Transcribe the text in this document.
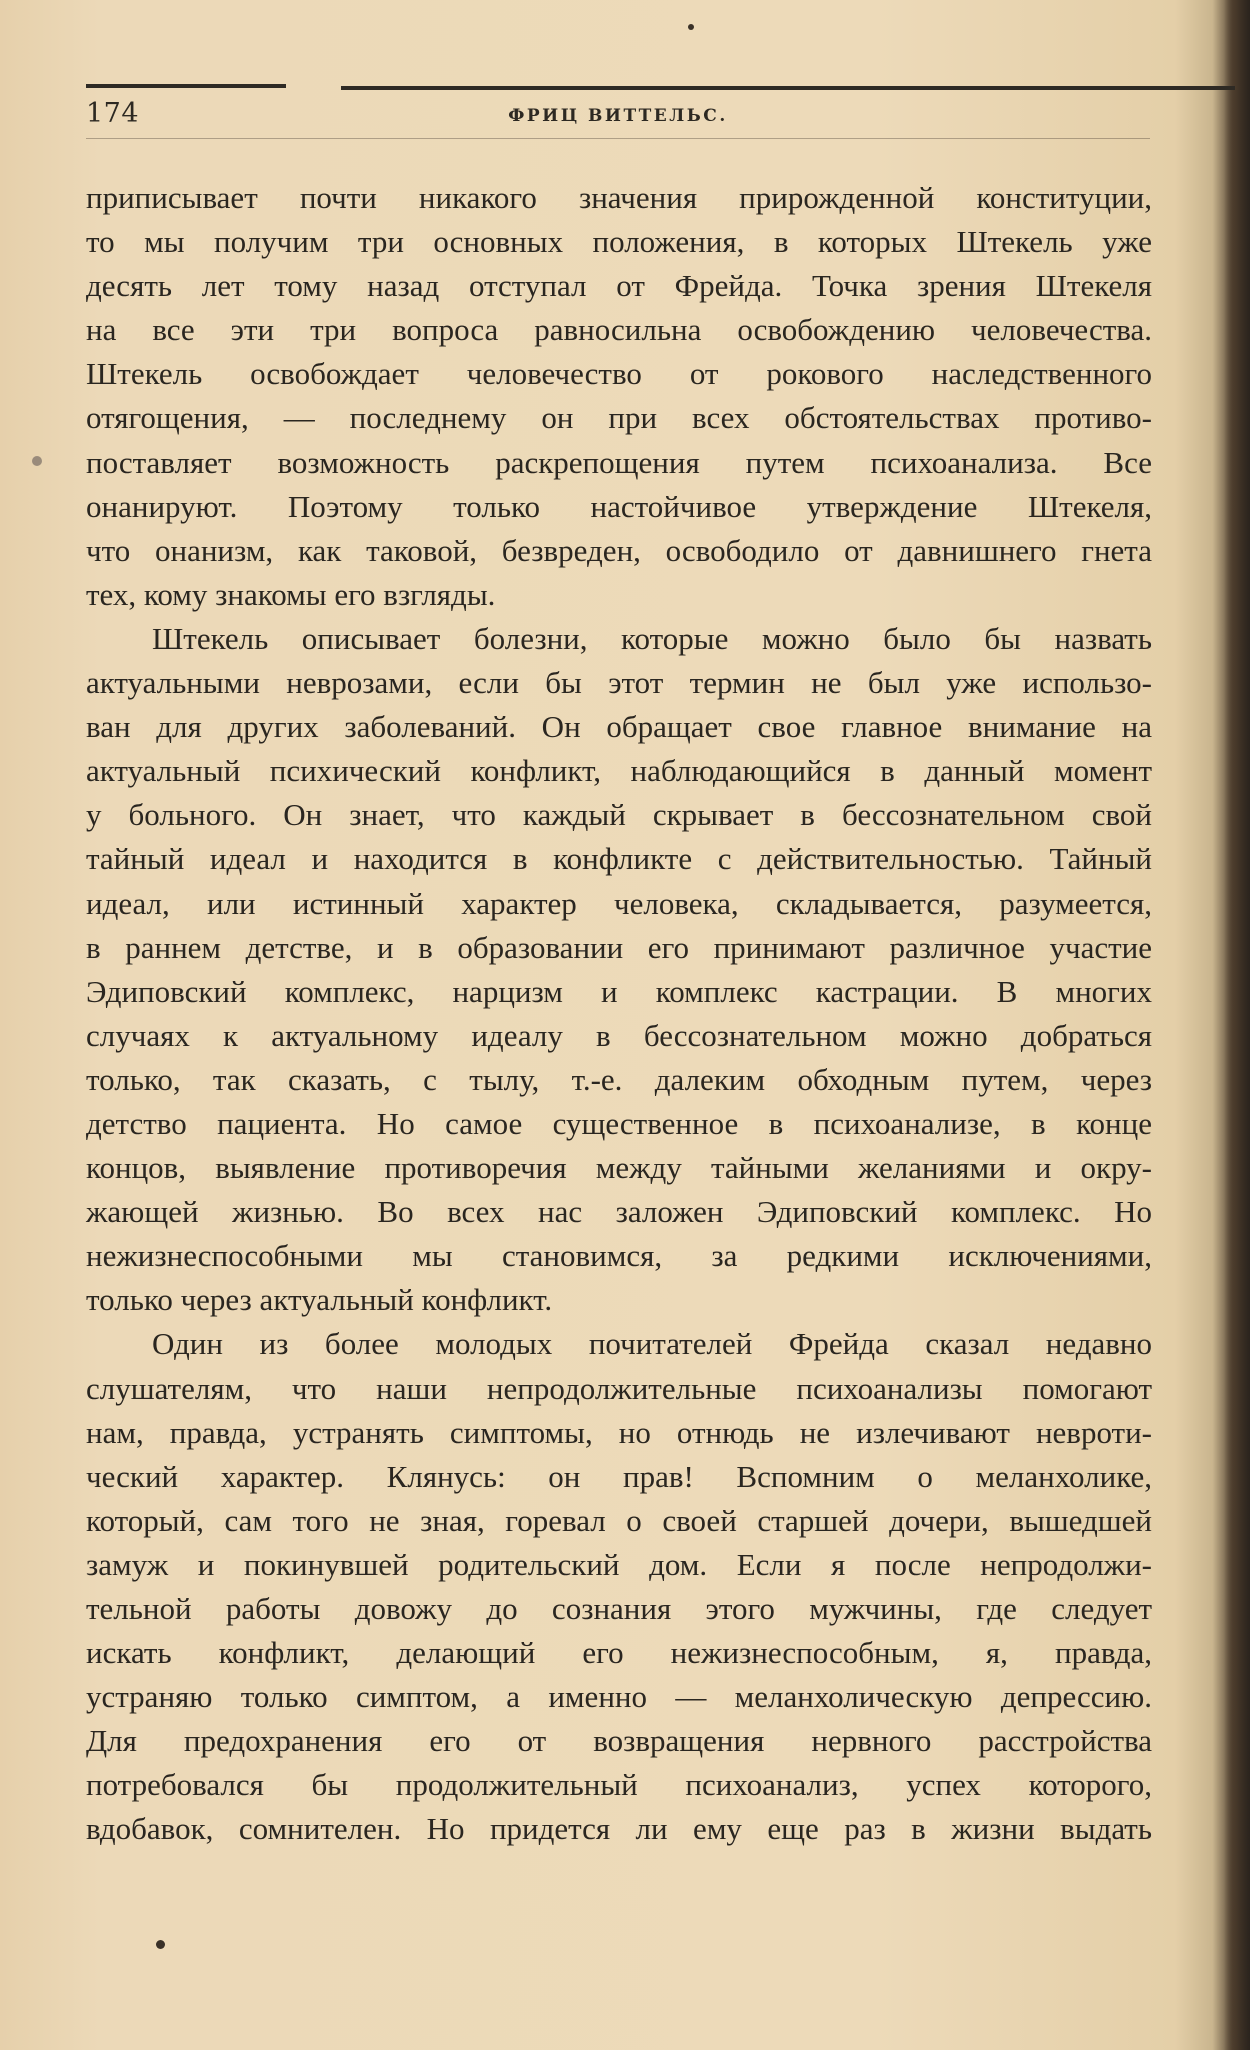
174	ФРИЦ ВИТТЕЛЬС.

приписывает почти никакого значения прирожденной конституции,
то мы получим три основных положения, в которых Штекель уже
десять лет тому назад отступал от Фрейда. Точка зрения Штекеля
на все эти три вопроса равносильна освобождению человечества.
Штекель освобождает человечество от рокового наследственного
отягощения, — последнему он при всех обстоятельствах противо-
поставляет возможность раскрепощения путем психоанализа. Все
онанируют. Поэтому только настойчивое утверждение Штекеля,
что онанизм, как таковой, безвреден, освободило от давнишнего гнета
тех, кому знакомы его взгляды.

Штекель описывает болезни, которые можно было бы назвать
актуальными неврозами, если бы этот термин не был уже использо-
ван для других заболеваний. Он обращает свое главное внимание на
актуальный психический конфликт, наблюдающийся в данный момент
у больного. Он знает, что каждый скрывает в бессознательном свой
тайный идеал и находится в конфликте с действительностью. Тайный
идеал, или истинный характер человека, складывается, разумеется,
в раннем детстве, и в образовании его принимают различное участие
Эдиповский комплекс, нарцизм и комплекс кастрации. В многих
случаях к актуальному идеалу в бессознательном можно добраться
только, так сказать, с тылу, т.-е. далеким обходным путем, через
детство пациента. Но самое существенное в психоанализе, в конце
концов, выявление противоречия между тайными желаниями и окру-
жающей жизнью. Во всех нас заложен Эдиповский комплекс. Но
нежизнеспособными мы становимся, за редкими исключениями,
только через актуальный конфликт.

Один из более молодых почитателей Фрейда сказал недавно
слушателям, что наши непродолжительные психоанализы помогают
нам, правда, устранять симптомы, но отнюдь не излечивают невроти-
ческий характер. Клянусь: он прав! Вспомним о меланхолике,
который, сам того не зная, горевал о своей старшей дочери, вышедшей
замуж и покинувшей родительский дом. Если я после непродолжи-
тельной работы довожу до сознания этого мужчины, где следует
искать конфликт, делающий его нежизнеспособным, я, правда,
устраняю только симптом, а именно — меланхолическую депрессию.
Для предохранения его от возвращения нервного расстройства
потребовался бы продолжительный психоанализ, успех которого,
вдобавок, сомнителен. Но придется ли ему еще раз в жизни выдать
